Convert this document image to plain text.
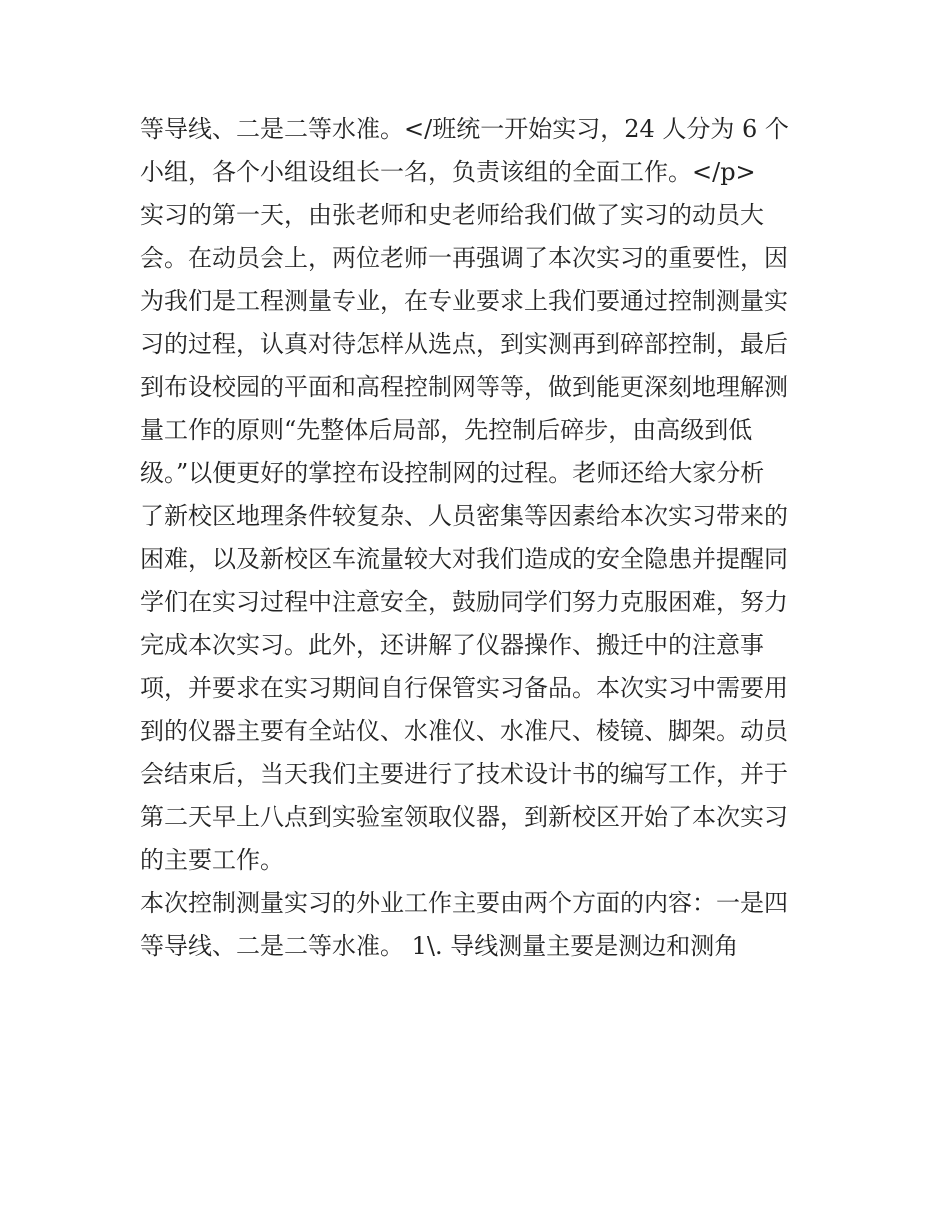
等导线、二是二等水准。</班统一开始实习，24 人分为 6 个
小组，各个小组设组长一名，负责该组的全面工作。</p>
实习的第一天，由张老师和史老师给我们做了实习的动员大
会。在动员会上，两位老师一再强调了本次实习的重要性，因
为我们是工程测量专业，在专业要求上我们要通过控制测量实
习的过程，认真对待怎样从选点，到实测再到碎部控制，最后
到布设校园的平面和高程控制网等等，做到能更深刻地理解测
量工作的原则“先整体后局部，先控制后碎步，由高级到低
级。”以便更好的掌控布设控制网的过程。老师还给大家分析
了新校区地理条件较复杂、人员密集等因素给本次实习带来的
困难，以及新校区车流量较大对我们造成的安全隐患并提醒同
学们在实习过程中注意安全，鼓励同学们努力克服困难，努力
完成本次实习。此外，还讲解了仪器操作、搬迁中的注意事
项，并要求在实习期间自行保管实习备品。本次实习中需要用
到的仪器主要有全站仪、水准仪、水准尺、棱镜、脚架。动员
会结束后，当天我们主要进行了技术设计书的编写工作，并于
第二天早上八点到实验室领取仪器，到新校区开始了本次实习
的主要工作。
本次控制测量实习的外业工作主要由两个方面的内容：一是四
等导线、二是二等水准。 1\. 导线测量主要是测边和测角
